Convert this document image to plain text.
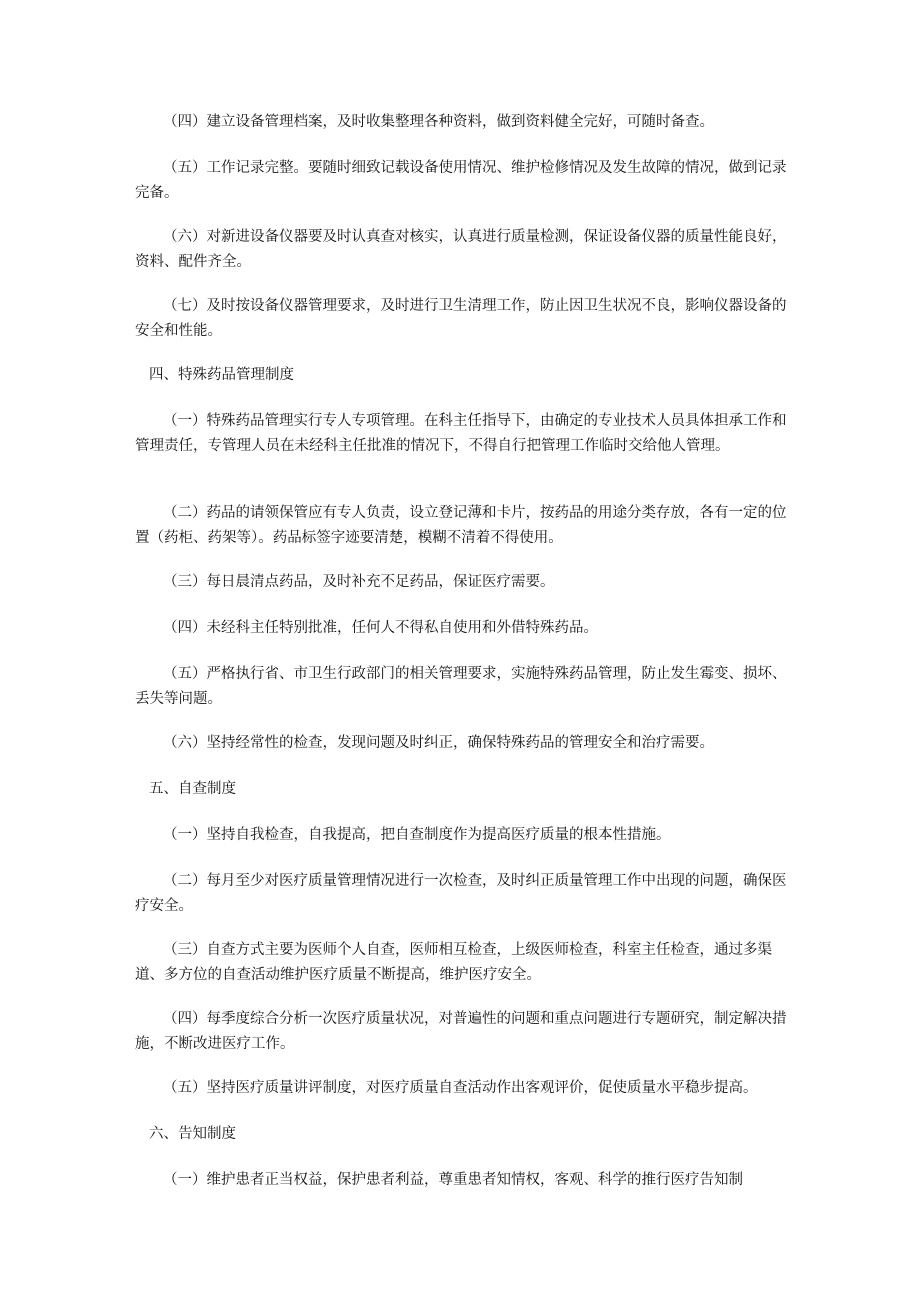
（四）建立设备管理档案，及时收集整理各种资料，做到资料健全完好，可随时备查。

（五）工作记录完整。要随时细致记载设备使用情况、维护检修情况及发生故障的情况，做到记录完备。

（六）对新进设备仪器要及时认真查对核实，认真进行质量检测，保证设备仪器的质量性能良好，资料、配件齐全。

（七）及时按设备仪器管理要求，及时进行卫生清理工作，防止因卫生状况不良，影响仪器设备的安全和性能。

四、特殊药品管理制度

（一）特殊药品管理实行专人专项管理。在科主任指导下，由确定的专业技术人员具体担承工作和管理责任，专管理人员在未经科主任批准的情况下，不得自行把管理工作临时交给他人管理。

（二）药品的请领保管应有专人负责，设立登记薄和卡片，按药品的用途分类存放，各有一定的位置（药柜、药架等）。药品标签字迹要清楚，模糊不清着不得使用。

（三）每日晨清点药品，及时补充不足药品，保证医疗需要。

（四）未经科主任特别批准，任何人不得私自使用和外借特殊药品。

（五）严格执行省、市卫生行政部门的相关管理要求，实施特殊药品管理，防止发生霉变、损坏、丢失等问题。

（六）坚持经常性的检查，发现问题及时纠正，确保特殊药品的管理安全和治疗需要。

五、自查制度

（一）坚持自我检查，自我提高，把自查制度作为提高医疗质量的根本性措施。

（二）每月至少对医疗质量管理情况进行一次检查，及时纠正质量管理工作中出现的问题，确保医疗安全。

（三）自查方式主要为医师个人自查，医师相互检查，上级医师检查，科室主任检查，通过多渠道、多方位的自查活动维护医疗质量不断提高，维护医疗安全。

（四）每季度综合分析一次医疗质量状况，对普遍性的问题和重点问题进行专题研究，制定解决措施，不断改进医疗工作。

（五）坚持医疗质量讲评制度，对医疗质量自查活动作出客观评价，促使质量水平稳步提高。

六、告知制度

（一）维护患者正当权益，保护患者利益，尊重患者知情权，客观、科学的推行医疗告知制
